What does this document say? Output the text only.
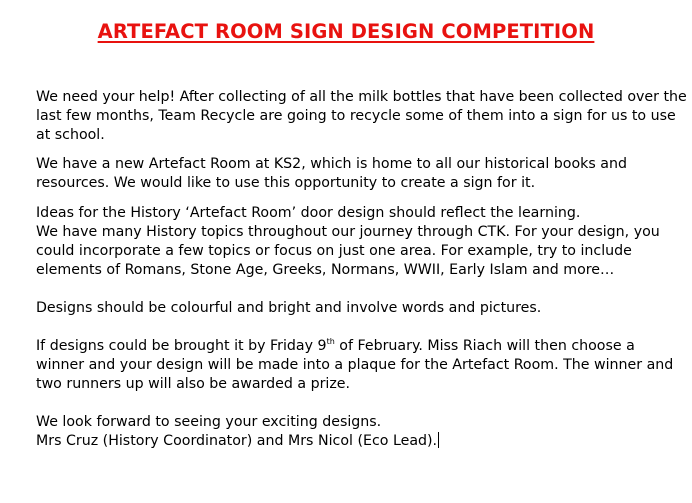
ARTEFACT ROOM SIGN DESIGN COMPETITION

We need your help! After collecting of all the milk bottles that have been collected over the
last few months, Team Recycle are going to recycle some of them into a sign for us to use
at school.

We have a new Artefact Room at KS2, which is home to all our historical books and
resources. We would like to use this opportunity to create a sign for it.

Ideas for the History ‘Artefact Room’ door design should reflect the learning.
We have many History topics throughout our journey through CTK. For your design, you
could incorporate a few topics or focus on just one area. For example, try to include
elements of Romans, Stone Age, Greeks, Normans, WWII, Early Islam and more…

Designs should be colourful and bright and involve words and pictures.

If designs could be brought it by Friday 9th of February. Miss Riach will then choose a
winner and your design will be made into a plaque for the Artefact Room. The winner and
two runners up will also be awarded a prize.

We look forward to seeing your exciting designs.
Mrs Cruz (History Coordinator) and Mrs Nicol (Eco Lead).
